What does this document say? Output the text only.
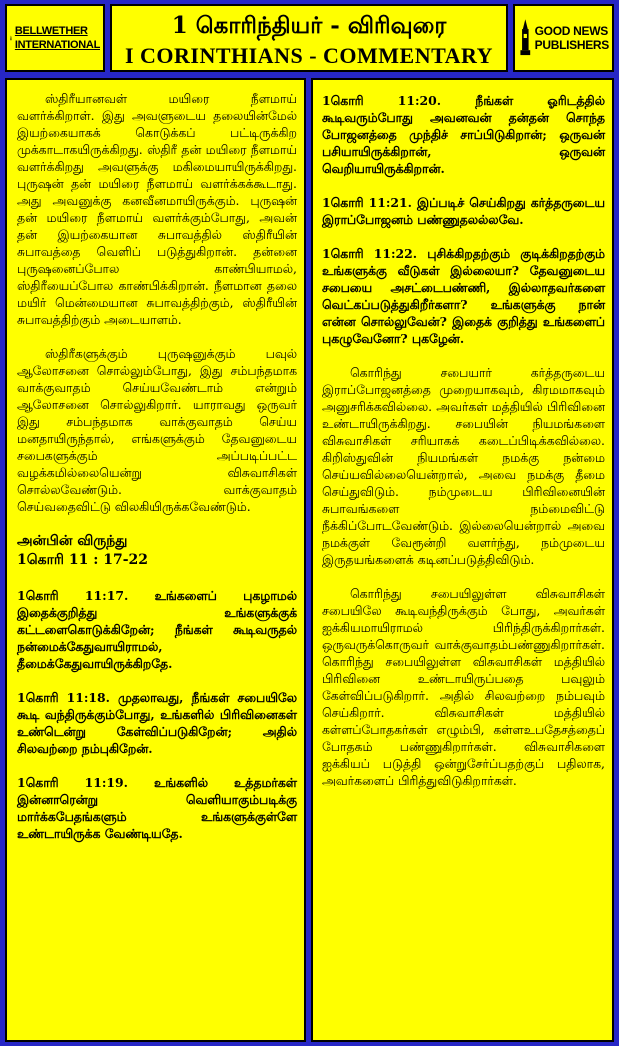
BELLWETHER
INTERNATIONAL
1 கொரிந்தியர் - விரிவுரை
I CORINTHIANS - COMMENTARY
GOOD NEWS
PUBLISHERS

ஸ்திரீயானவள் மயிரை நீளமாய் வளர்க்கிறாள். இது அவளுடைய தலையின்மேல் இயற்கையாகக் கொடுக்கப் பட்டிருக்கிற முக்காடாகயிருக்கிறது. ஸ்திரீ தன் மயிரை நீளமாய் வளர்க்கிறது அவளுக்கு மகிமையாயிருக்கிறது. புருஷன் தன் மயிரை நீளமாய் வளர்க்கக்கூடாது. அது அவனுக்கு கனவீனமாயிருக்கும். புருஷன் தன் மயிரை நீளமாய் வளர்க்கும்போது, அவன் தன் இயற்கையான சுபாவத்தில் ஸ்திரீயின் சுபாவத்தை வெளிப் படுத்துகிறான். தன்னை புருஷனைப்போல காண்பியாமல், ஸ்திரீயைப்போல காண்பிக்கிறான். நீளமான தலை மயிர் மென்மையான சுபாவத்திற்கும், ஸ்திரீயின் சுபாவத்திற்கும் அடையாளம்.

ஸ்திரீகளுக்கும் புருஷனுக்கும் பவுல் ஆலோசனை சொல்லும்போது, இது சம்பந்தமாக வாக்குவாதம் செய்யவேண்டாம் என்றும் ஆலோசனை சொல்லுகிறார். யாராவது ஒருவர் இது சம்பந்தமாக வாக்குவாதம் செய்ய மனதாயிருந்தால், எங்களுக்கும் தேவனுடைய சபைகளுக்கும் அப்படிப்பட்ட வழக்கமில்லையென்று விசுவாசிகள் சொல்லவேண்டும். வாக்குவாதம் செய்வதைவிட்டு விலகியிருக்கவேண்டும்.

அன்பின் விருந்து

1கொரி 11 : 17-22

1கொரி 11:17. உங்களைப் புகழாமல் இதைக்குறித்து உங்களுக்குக் கட்டளைகொடுக்கிறேன்; நீங்கள் கூடிவருதல் நன்மைக்கேதுவாயிராமல், தீமைக்கேதுவாயிருக்கிறதே.

1கொரி 11:18. முதலாவது, நீங்கள் சபையிலே கூடி வந்திருக்கும்போது, உங்களில் பிரிவினைகள் உண்டென்று கேள்விப்படுகிறேன்; அதில் சிலவற்றை நம்புகிறேன்.

1கொரி 11:19. உங்களில் உத்தமர்கள் இன்னாரென்று வெளியாகும்படிக்கு மார்க்கபேதங்களும் உங்களுக்குள்ளே உண்டாயிருக்க வேண்டியதே.

1கொரி 11:20. நீங்கள் ஓரிடத்தில் கூடிவரும்போது அவனவன் தன்தன் சொந்த போஜனத்தை முந்திச் சாப்பிடுகிறான்; ஒருவன் பசியாயிருக்கிறான், ஒருவன் வெறியாயிருக்கிறான்.

1கொரி 11:21. இப்படிச் செய்கிறது கர்த்தருடைய இராப்போஜனம் பண்ணுதலல்லவே.

1கொரி 11:22. புசிக்கிறதற்கும் குடிக்கிறதற்கும் உங்களுக்கு வீடுகள் இல்லையா? தேவனுடைய சபையை அசட்டைபண்ணி, இல்லாதவர்களை வெட்கப்படுத்துகிறீர்களா? உங்களுக்கு நான் என்ன சொல்லுவேன்? இதைக் குறித்து உங்களைப் புகழுவேனோ? புகழேன்.

கொரிந்து சபையார் கர்த்தருடைய இராப்போஜனத்தை முறையாகவும், கிரமமாகவும் அனுசரிக்கவில்லை. அவர்கள் மத்தியில் பிரிவினை உண்டாயிருக்கிறது. சபையின் நியமங்களை விசுவாசிகள் சரியாகக் கடைப்பிடிக்கவில்லை. கிறிஸ்துவின் நியமங்கள் நமக்கு நன்மை செய்யவில்லையென்றால், அவை நமக்கு தீமை செய்துவிடும். நம்முடைய பிரிவினையின் சுபாவங்களை நம்மைவிட்டு நீக்கிப்போடவேண்டும். இல்லையென்றால் அவை நமக்குள் வேரூன்றி வளர்ந்து, நம்முடைய இருதயங்களைக் கடினப்படுத்திவிடும்.

கொரிந்து சபையிலுள்ள விசுவாசிகள் சபையிலே கூடிவந்திருக்கும் போது, அவர்கள் ஐக்கியமாயிராமல் பிரிந்திருக்கிறார்கள். ஒருவருக்கொருவர் வாக்குவாதம்பண்ணுகிறார்கள். கொரிந்து சபையிலுள்ள விசுவாசிகள் மத்தியில் பிரிவினை உண்டாயிருப்பதை பவுலும் கேள்விப்படுகிறார். அதில் சிலவற்றை நம்பவும் செய்கிறார். விசுவாசிகள் மத்தியில் கள்ளப்போதகர்கள் எழும்பி, கள்ளஉபதேசத்தைப் போதகம் பண்ணுகிறார்கள். விசுவாசிகளை ஐக்கியப் படுத்தி ஒன்றுசேர்ப்பதற்குப் பதிலாக, அவர்களைப் பிரித்துவிடுகிறார்கள்.
